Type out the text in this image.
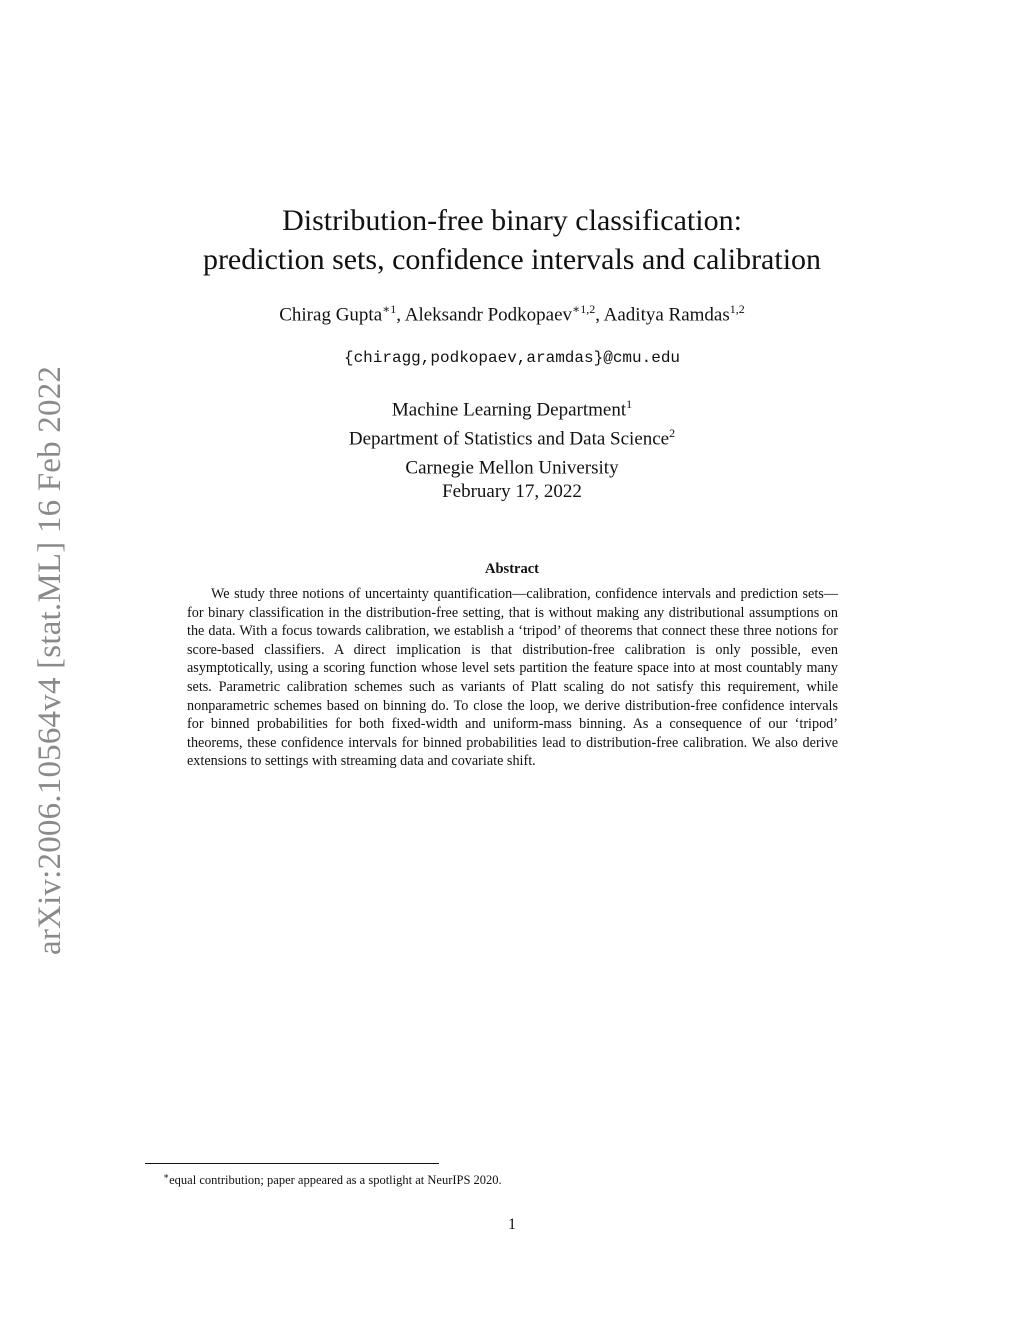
arXiv:2006.10564v4 [stat.ML] 16 Feb 2022
Distribution-free binary classification:
prediction sets, confidence intervals and calibration
Chirag Gupta$^{∗1}$, Aleksandr Podkopaev$^{∗1,2}$, Aaditya Ramdas$^{1,2}$
{chiragg,podkopaev,aramdas}@cmu.edu
Machine Learning Department$^1$
Department of Statistics and Data Science$^2$
Carnegie Mellon University
February 17, 2022
Abstract

We study three notions of uncertainty quantification—calibration, confidence intervals and prediction sets—for binary classification in the distribution-free setting, that is without making any distributional assumptions on the data. With a focus towards calibration, we establish a ‘tripod’ of theorems that connect these three notions for score-based classifiers. A direct implication is that distribution-free calibration is only possible, even asymptotically, using a scoring function whose level sets partition the feature space into at most countably many sets. Parametric calibration schemes such as variants of Platt scaling do not satisfy this requirement, while nonparametric schemes based on binning do. To close the loop, we derive distribution-free confidence intervals for binned probabilities for both fixed-width and uniform-mass binning. As a consequence of our ‘tripod’ theorems, these confidence intervals for binned probabilities lead to distribution-free calibration. We also derive extensions to settings with streaming data and covariate shift.

∗equal contribution; paper appeared as a spotlight at NeurIPS 2020.
1
